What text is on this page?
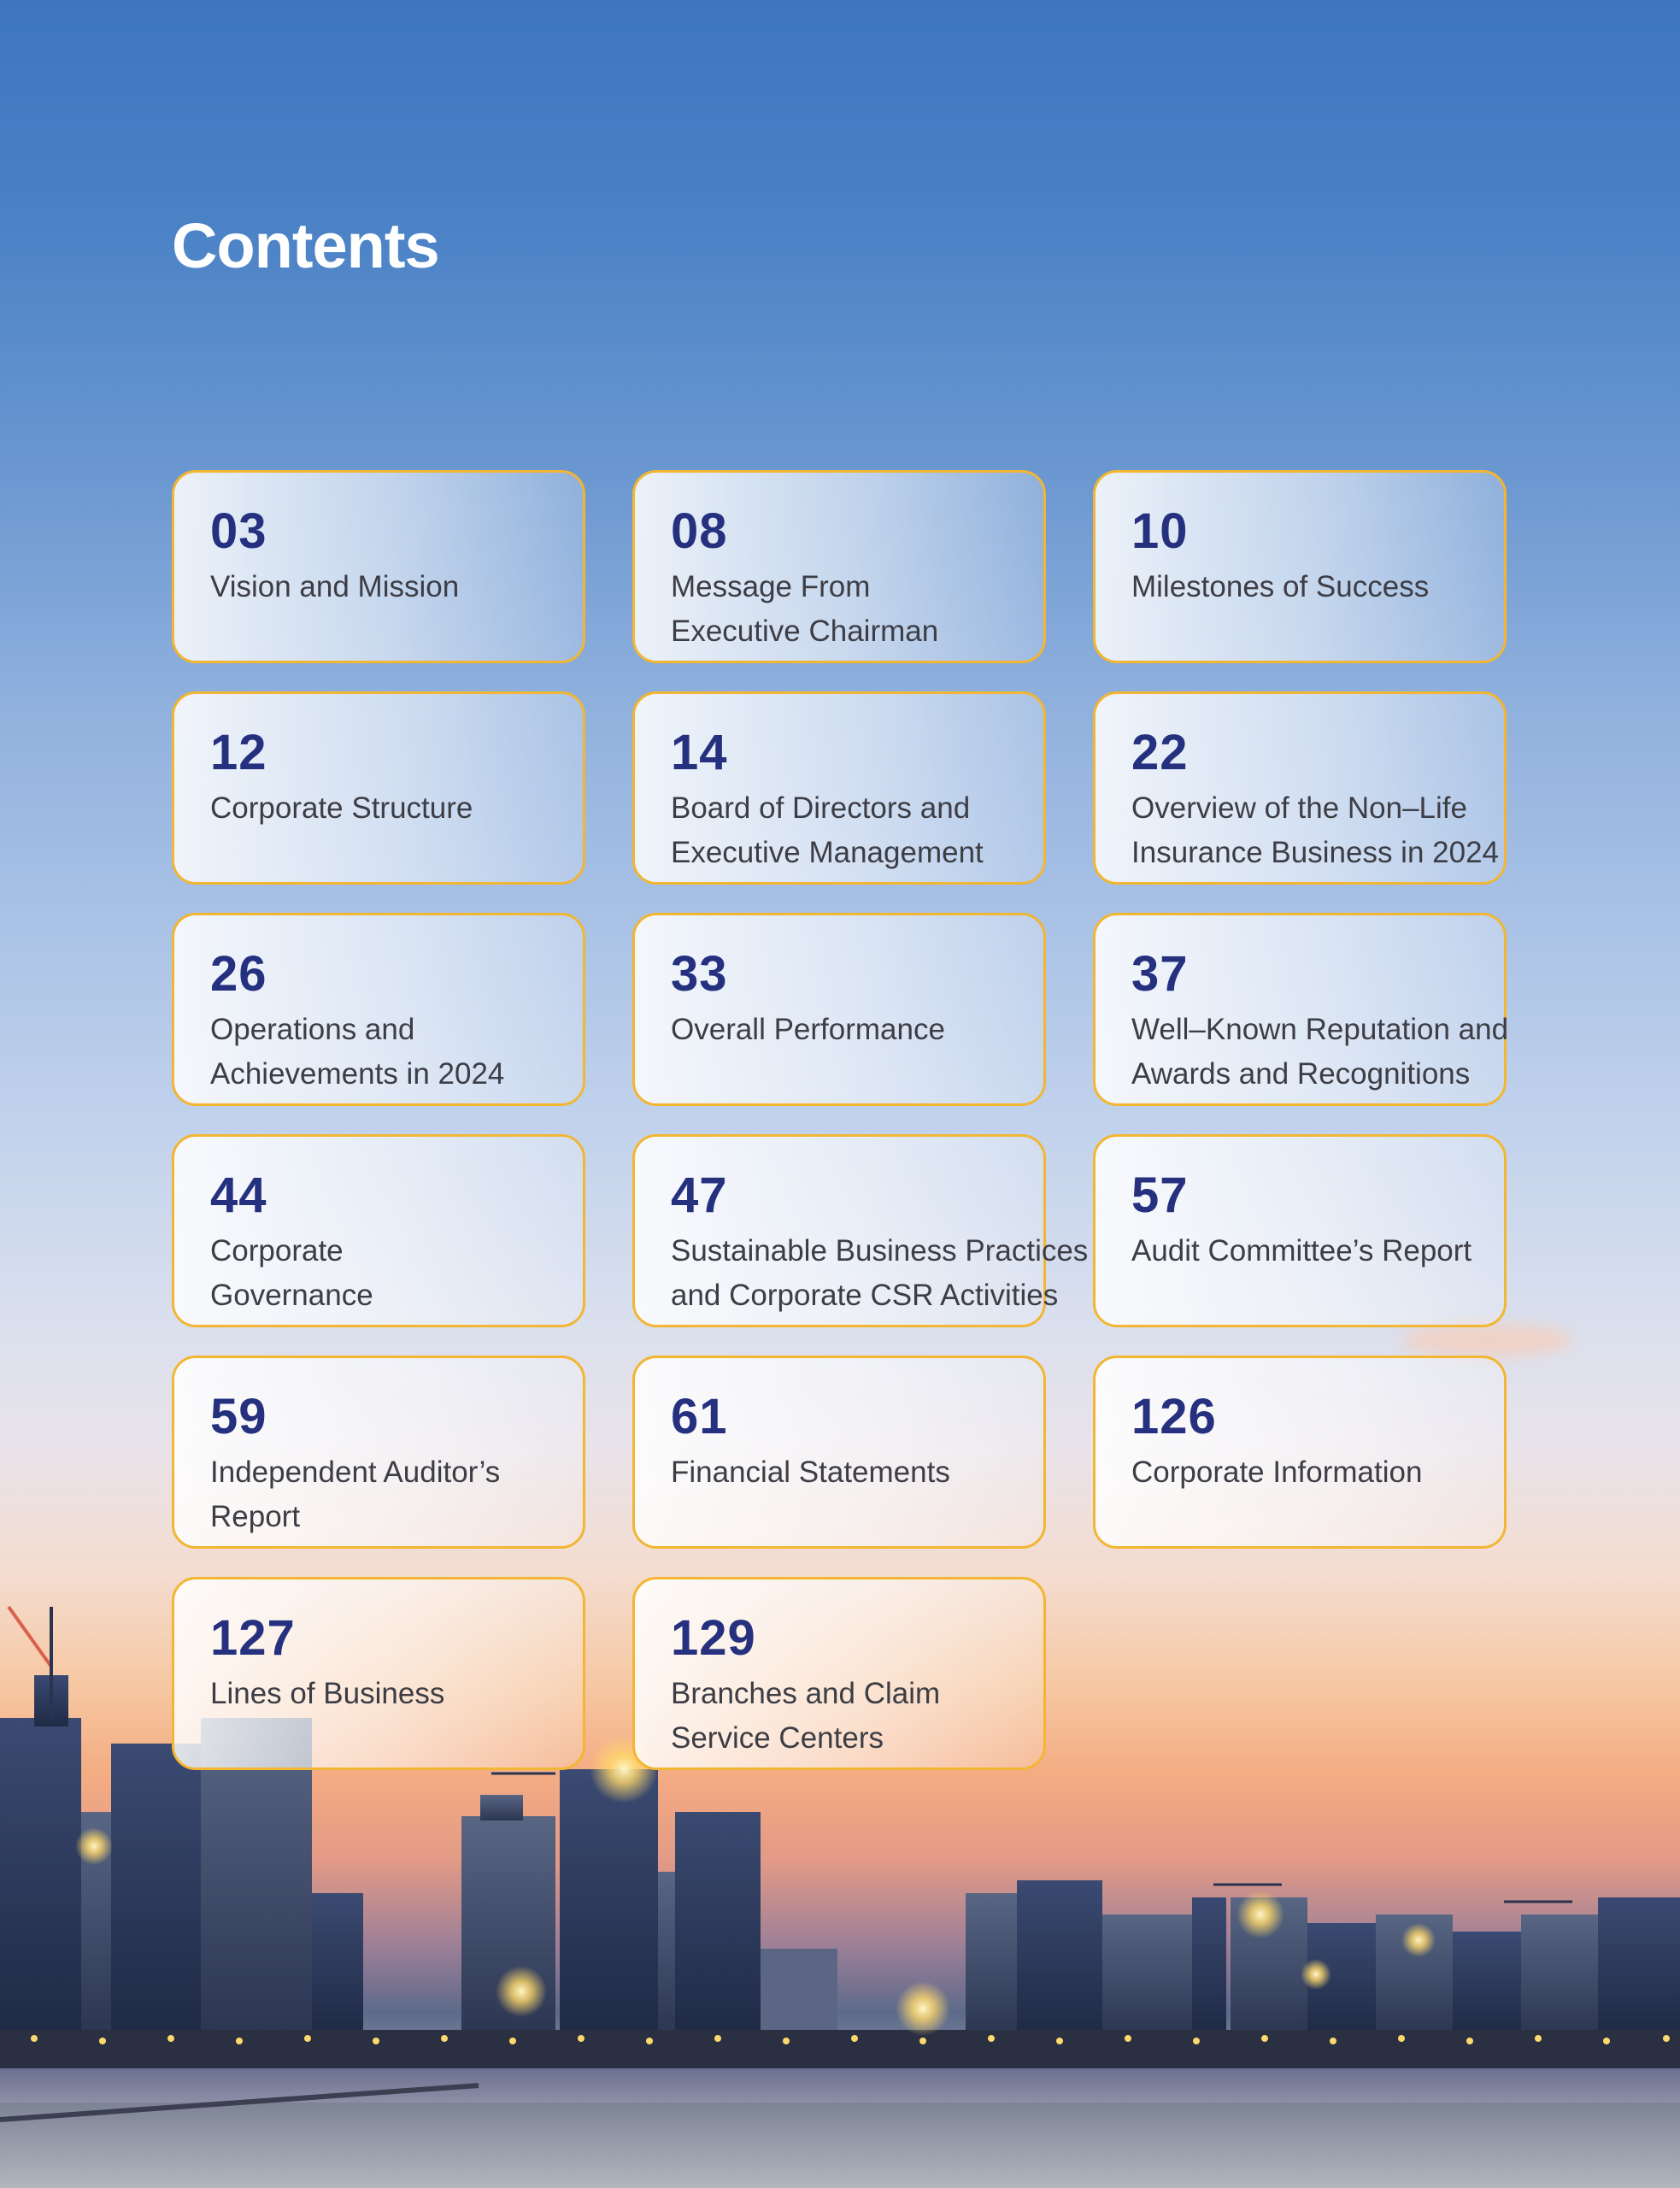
Contents
03
Vision and Mission
08
Message From
Executive Chairman
10
Milestones of Success
12
Corporate Structure
14
Board of Directors and
Executive Management
22
Overview of the Non–Life
Insurance Business in 2024
26
Operations and
Achievements in 2024
33
Overall Performance
37
Well–Known Reputation and
Awards and Recognitions
44
Corporate
Governance
47
Sustainable Business Practices
and Corporate CSR Activities
57
Audit Committee’s Report
59
Independent Auditor’s
Report
61
Financial Statements
126
Corporate Information
127
Lines of Business
129
Branches and Claim
Service Centers
